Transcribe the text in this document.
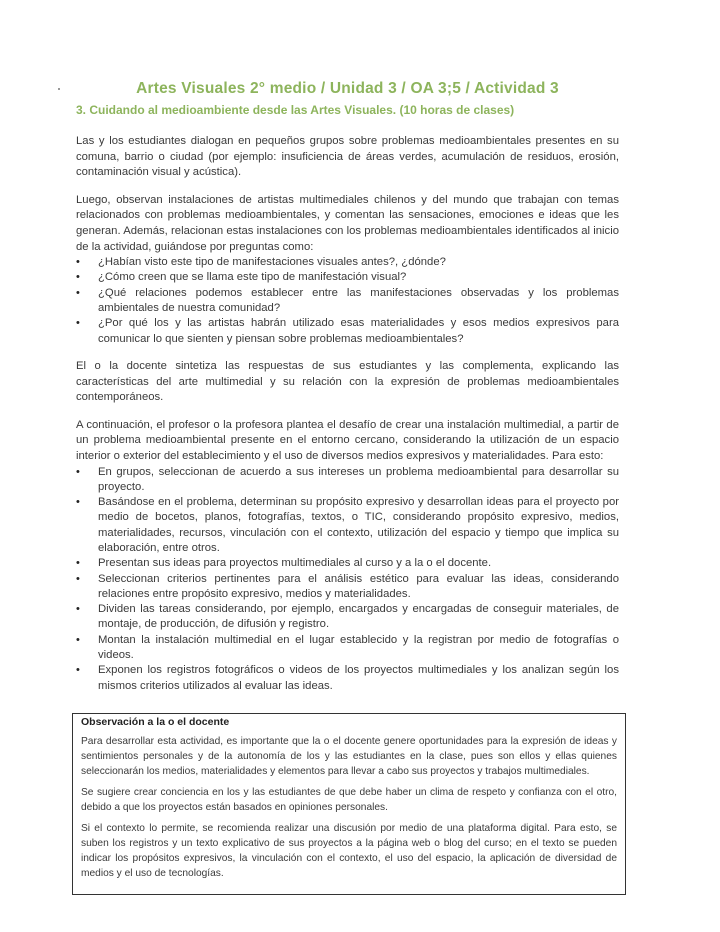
Artes Visuales 2° medio / Unidad 3 / OA 3;5 / Actividad 3
3. Cuidando al medioambiente desde las Artes Visuales. (10 horas de clases)

Las y los estudiantes dialogan en pequeños grupos sobre problemas medioambientales presentes en su comuna, barrio o ciudad (por ejemplo: insuficiencia de áreas verdes, acumulación de residuos, erosión, contaminación visual y acústica).

Luego, observan instalaciones de artistas multimediales chilenos y del mundo que trabajan con temas relacionados con problemas medioambientales, y comentan las sensaciones, emociones e ideas que les generan. Además, relacionan estas instalaciones con los problemas medioambientales identificados al inicio de la actividad, guiándose por preguntas como:

• ¿Habían visto este tipo de manifestaciones visuales antes?, ¿dónde?
• ¿Cómo creen que se llama este tipo de manifestación visual?
• ¿Qué relaciones podemos establecer entre las manifestaciones observadas y los problemas ambientales de nuestra comunidad?
• ¿Por qué los y las artistas habrán utilizado esas materialidades y esos medios expresivos para comunicar lo que sienten y piensan sobre problemas medioambientales?

El o la docente sintetiza las respuestas de sus estudiantes y las complementa, explicando las características del arte multimedial y su relación con la expresión de problemas medioambientales contemporáneos.

A continuación, el profesor o la profesora plantea el desafío de crear una instalación multimedial, a partir de un problema medioambiental presente en el entorno cercano, considerando la utilización de un espacio interior o exterior del establecimiento y el uso de diversos medios expresivos y materialidades. Para esto:

• En grupos, seleccionan de acuerdo a sus intereses un problema medioambiental para desarrollar su proyecto.
• Basándose en el problema, determinan su propósito expresivo y desarrollan ideas para el proyecto por medio de bocetos, planos, fotografías, textos, o TIC, considerando propósito expresivo, medios, materialidades, recursos, vinculación con el contexto, utilización del espacio y tiempo que implica su elaboración, entre otros.
• Presentan sus ideas para proyectos multimediales al curso y a la o el docente.
• Seleccionan criterios pertinentes para el análisis estético para evaluar las ideas, considerando relaciones entre propósito expresivo, medios y materialidades.
• Dividen las tareas considerando, por ejemplo, encargados y encargadas de conseguir materiales, de montaje, de producción, de difusión y registro.
• Montan la instalación multimedial en el lugar establecido y la registran por medio de fotografías o videos.
• Exponen los registros fotográficos o videos de los proyectos multimediales y los analizan según los mismos criterios utilizados al evaluar las ideas.
Observación a la o el docente

Para desarrollar esta actividad, es importante que la o el docente genere oportunidades para la expresión de ideas y sentimientos personales y de la autonomía de los y las estudiantes en la clase, pues son ellos y ellas quienes seleccionarán los medios, materialidades y elementos para llevar a cabo sus proyectos y trabajos multimediales.

Se sugiere crear conciencia en los y las estudiantes de que debe haber un clima de respeto y confianza con el otro, debido a que los proyectos están basados en opiniones personales.

Si el contexto lo permite, se recomienda realizar una discusión por medio de una plataforma digital. Para esto, se suben los registros y un texto explicativo de sus proyectos a la página web o blog del curso; en el texto se pueden indicar los propósitos expresivos, la vinculación con el contexto, el uso del espacio, la aplicación de diversidad de medios y el uso de tecnologías.
